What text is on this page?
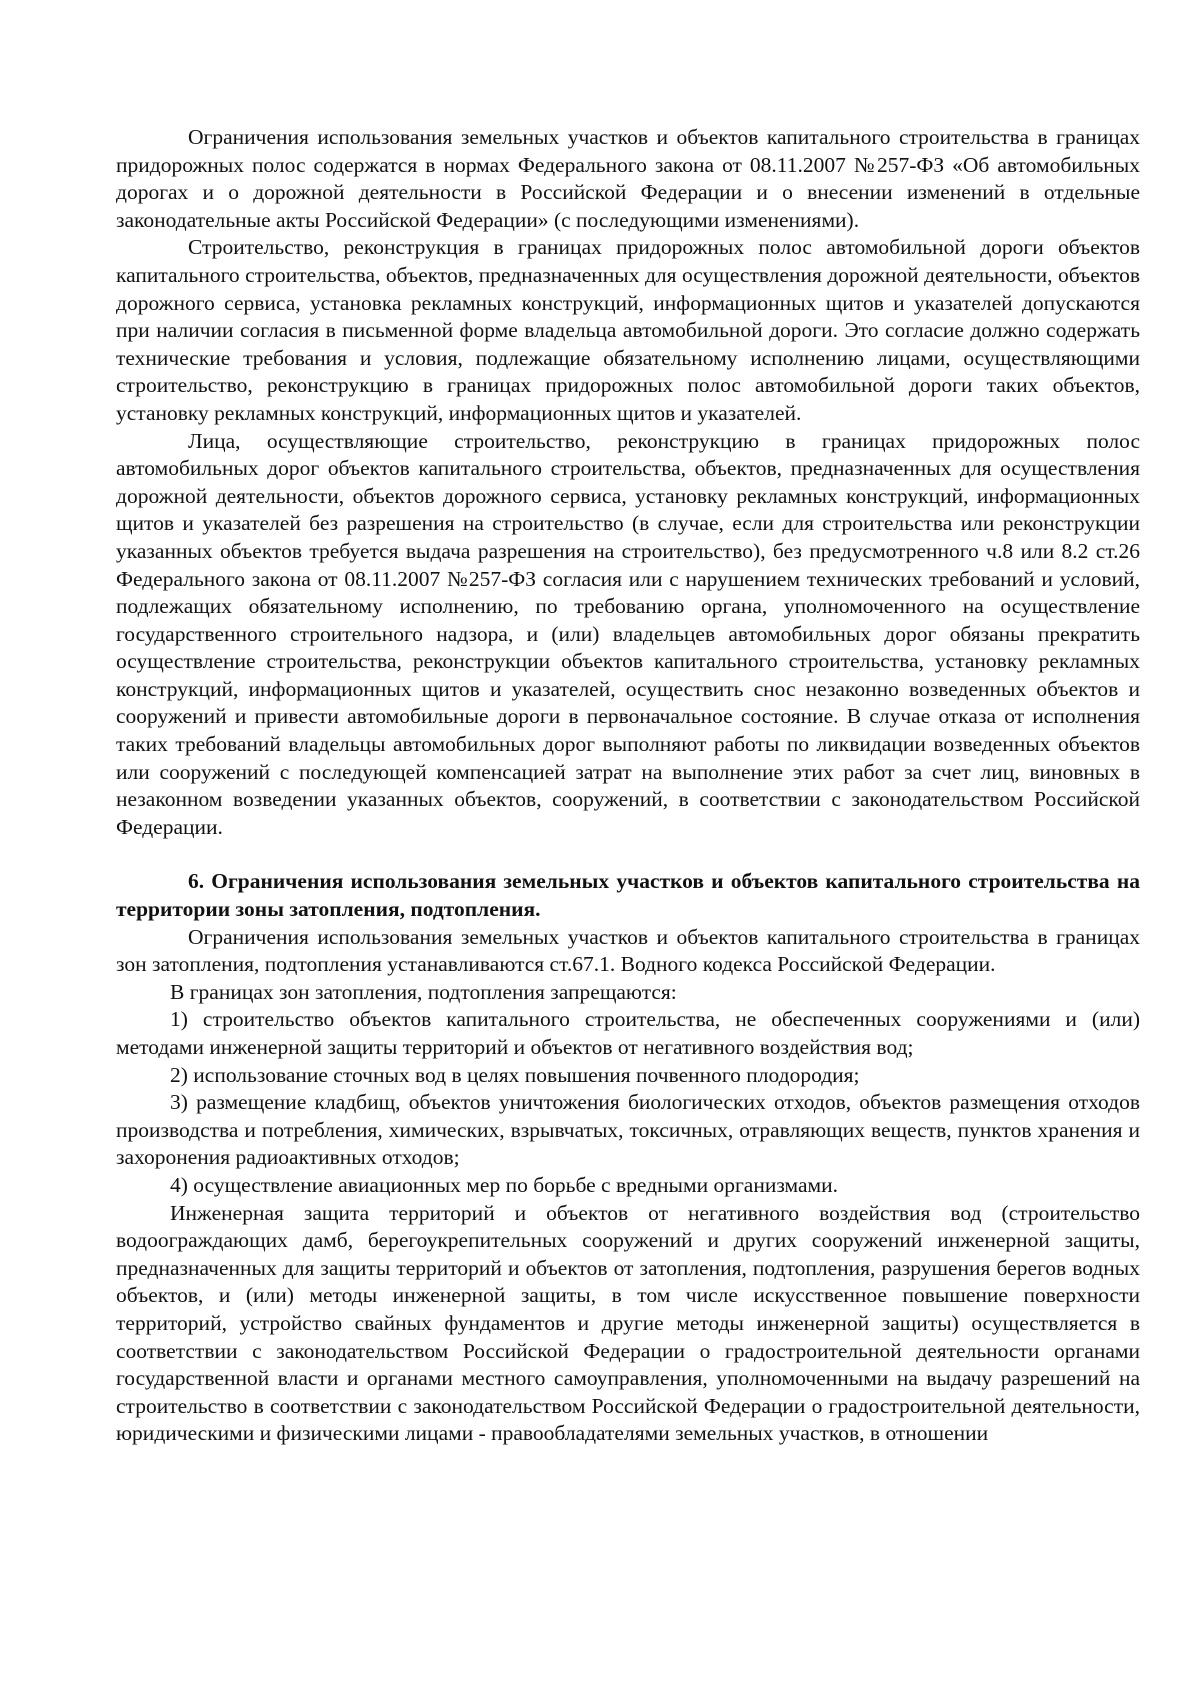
Ограничения использования земельных участков и объектов капитального строительства в границах придорожных полос содержатся в нормах Федерального закона от 08.11.2007 №257-ФЗ «Об автомобильных дорогах и о дорожной деятельности в Российской Федерации и о внесении изменений в отдельные законодательные акты Российской Федерации» (с последующими изменениями).

Строительство, реконструкция в границах придорожных полос автомобильной дороги объектов капитального строительства, объектов, предназначенных для осуществления дорожной деятельности, объектов дорожного сервиса, установка рекламных конструкций, информационных щитов и указателей допускаются при наличии согласия в письменной форме владельца автомобильной дороги. Это согласие должно содержать технические требования и условия, подлежащие обязательному исполнению лицами, осуществляющими строительство, реконструкцию в границах придорожных полос автомобильной дороги таких объектов, установку рекламных конструкций, информационных щитов и указателей.

Лица, осуществляющие строительство, реконструкцию в границах придорожных полос автомобильных дорог объектов капитального строительства, объектов, предназначенных для осуществления дорожной деятельности, объектов дорожного сервиса, установку рекламных конструкций, информационных щитов и указателей без разрешения на строительство (в случае, если для строительства или реконструкции указанных объектов требуется выдача разрешения на строительство), без предусмотренного ч.8 или 8.2 ст.26 Федерального закона от 08.11.2007 №257-ФЗ согласия или с нарушением технических требований и условий, подлежащих обязательному исполнению, по требованию органа, уполномоченного на осуществление государственного строительного надзора, и (или) владельцев автомобильных дорог обязаны прекратить осуществление строительства, реконструкции объектов капитального строительства, установку рекламных конструкций, информационных щитов и указателей, осуществить снос незаконно возведенных объектов и сооружений и привести автомобильные дороги в первоначальное состояние. В случае отказа от исполнения таких требований владельцы автомобильных дорог выполняют работы по ликвидации возведенных объектов или сооружений с последующей компенсацией затрат на выполнение этих работ за счет лиц, виновных в незаконном возведении указанных объектов, сооружений, в соответствии с законодательством Российской Федерации.

6. Ограничения использования земельных участков и объектов капитального строительства на территории зоны затопления, подтопления.

Ограничения использования земельных участков и объектов капитального строительства в границах зон затопления, подтопления устанавливаются ст.67.1. Водного кодекса Российской Федерации.

В границах зон затопления, подтопления запрещаются:

1) строительство объектов капитального строительства, не обеспеченных сооружениями и (или) методами инженерной защиты территорий и объектов от негативного воздействия вод;

2) использование сточных вод в целях повышения почвенного плодородия;

3) размещение кладбищ, объектов уничтожения биологических отходов, объектов размещения отходов производства и потребления, химических, взрывчатых, токсичных, отравляющих веществ, пунктов хранения и захоронения радиоактивных отходов;

4) осуществление авиационных мер по борьбе с вредными организмами.

Инженерная защита территорий и объектов от негативного воздействия вод (строительство водоограждающих дамб, берегоукрепительных сооружений и других сооружений инженерной защиты, предназначенных для защиты территорий и объектов от затопления, подтопления, разрушения берегов водных объектов, и (или) методы инженерной защиты, в том числе искусственное повышение поверхности территорий, устройство свайных фундаментов и другие методы инженерной защиты) осуществляется в соответствии с законодательством Российской Федерации о градостроительной деятельности органами государственной власти и органами местного самоуправления, уполномоченными на выдачу разрешений на строительство в соответствии с законодательством Российской Федерации о градостроительной деятельности, юридическими и физическими лицами - правообладателями земельных участков, в отношении
